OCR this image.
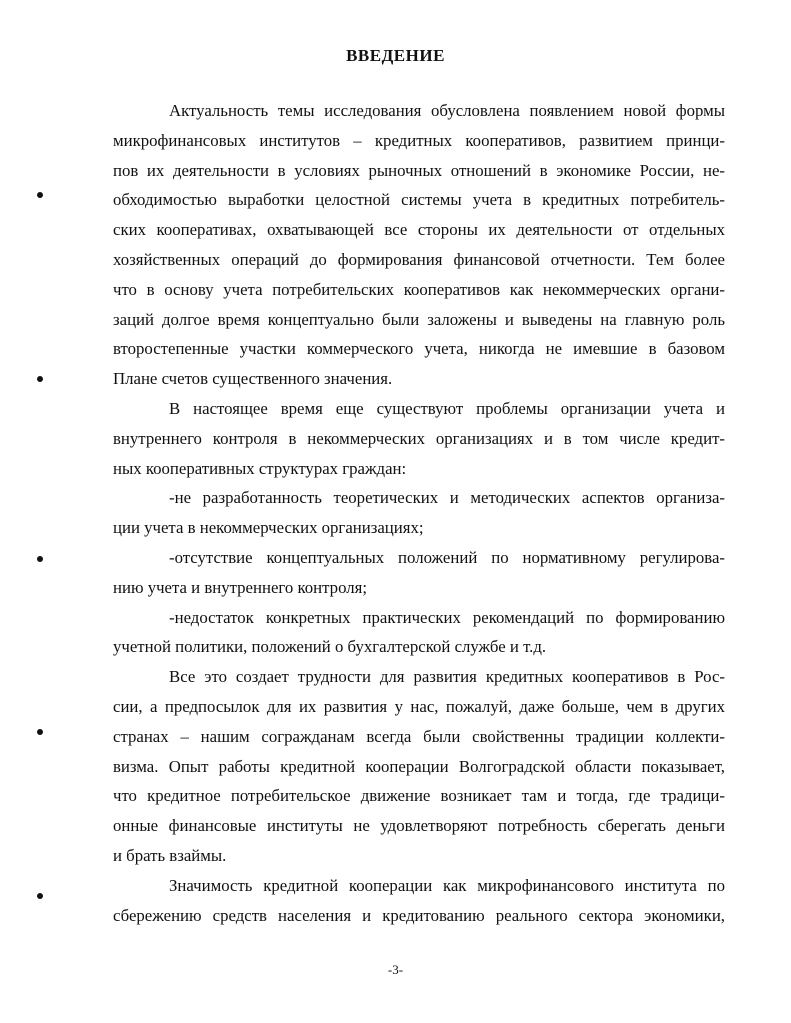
ВВЕДЕНИЕ
Актуальность темы исследования обусловлена появлением новой формы
микрофинансовых институтов – кредитных кооперативов, развитием принци-
пов их деятельности в условиях рыночных отношений в экономике России, не-
обходимостью выработки целостной системы учета в кредитных потребитель-
ских кооперативах, охватывающей все стороны их деятельности от отдельных
хозяйственных операций до формирования финансовой отчетности. Тем более
что в основу учета потребительских кооперативов как некоммерческих органи-
заций долгое время концептуально были заложены и выведены на главную роль
второстепенные участки коммерческого учета, никогда не имевшие в базовом
Плане счетов существенного значения.
В настоящее время еще существуют проблемы организации учета и
внутреннего контроля в некоммерческих организациях и в том числе кредит-
ных кооперативных структурах граждан:
-не разработанность теоретических и методических аспектов организа-
ции учета в некоммерческих организациях;
-отсутствие концептуальных положений по нормативному регулирова-
нию учета и внутреннего контроля;
-недостаток конкретных практических рекомендаций по формированию
учетной политики, положений о бухгалтерской службе и т.д.
Все это создает трудности для развития кредитных кооперативов в Рос-
сии, а предпосылок для их развития у нас, пожалуй, даже больше, чем в других
странах – нашим согражданам всегда были свойственны традиции коллекти-
визма. Опыт работы кредитной кооперации Волгоградской области показывает,
что кредитное потребительское движение возникает там и тогда, где традици-
онные финансовые институты не удовлетворяют потребность сберегать деньги
и брать взаймы.
Значимость кредитной кооперации как микрофинансового института по
сбережению средств населения и кредитованию реального сектора экономики,
-3-
